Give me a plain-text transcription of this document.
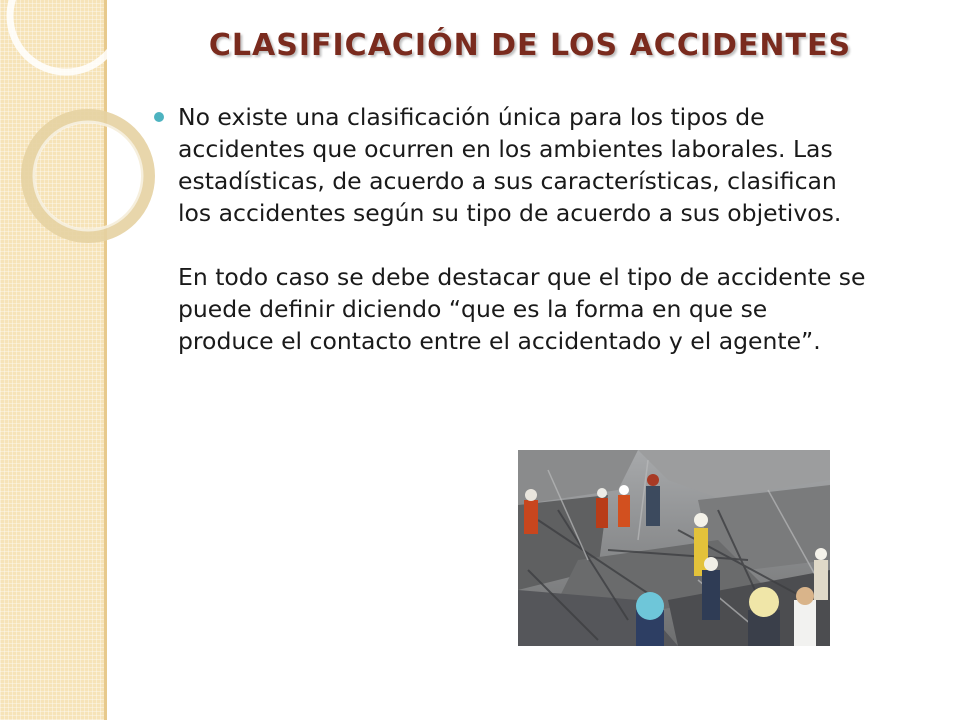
CLASIFICACIÓN DE LOS ACCIDENTES

No existe una clasificación única para los tipos de accidentes que ocurren en los ambientes laborales. Las estadísticas, de acuerdo a sus características, clasifican los accidentes según su tipo de acuerdo a sus objetivos.

En todo caso se debe destacar que el tipo de accidente se puede definir diciendo “que es la forma en que se produce el contacto entre el accidentado y el agente”.
